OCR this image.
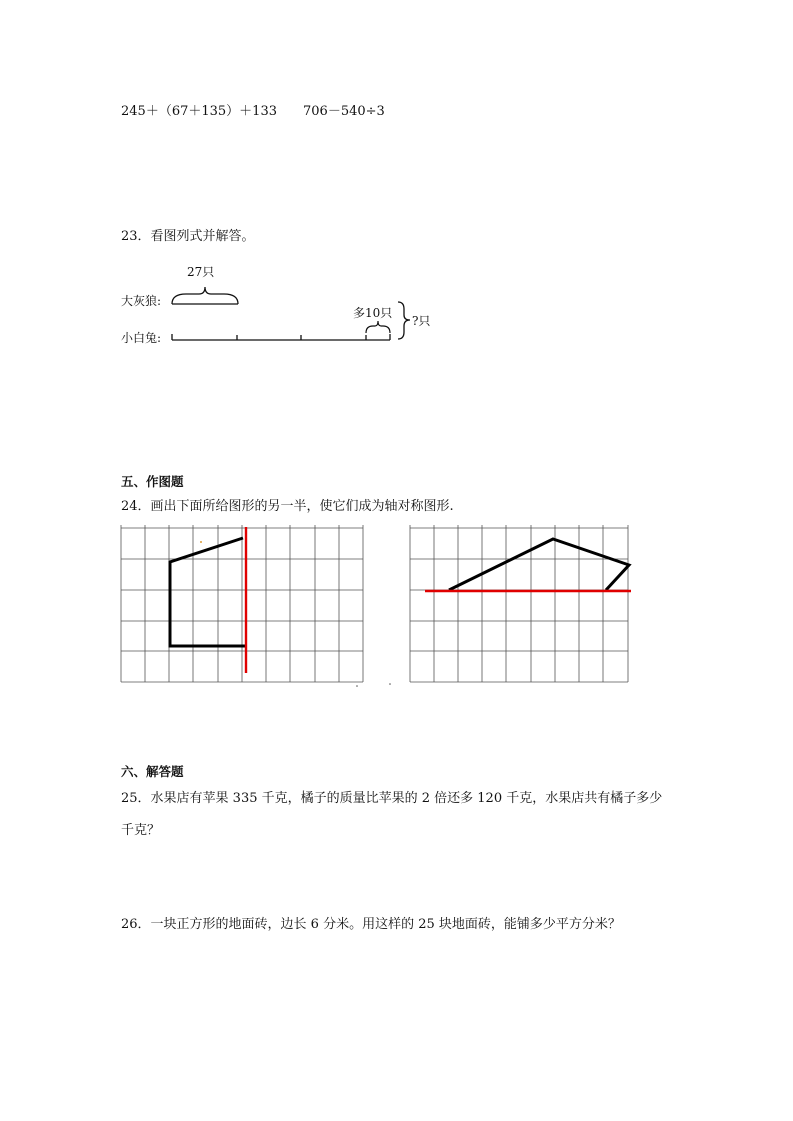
245＋（67＋135）＋133 706－540÷3
23．看图列式并解答。
27只
大灰狼:
小白兔:
多10只
?只
五、作图题
24．画出下面所给图形的另一半，使它们成为轴对称图形.
六、解答题
25．水果店有苹果 335 千克，橘子的质量比苹果的 2 倍还多 120 千克，水果店共有橘子多少
千克？
26．一块正方形的地面砖，边长 6 分米。用这样的 25 块地面砖，能铺多少平方分米？
